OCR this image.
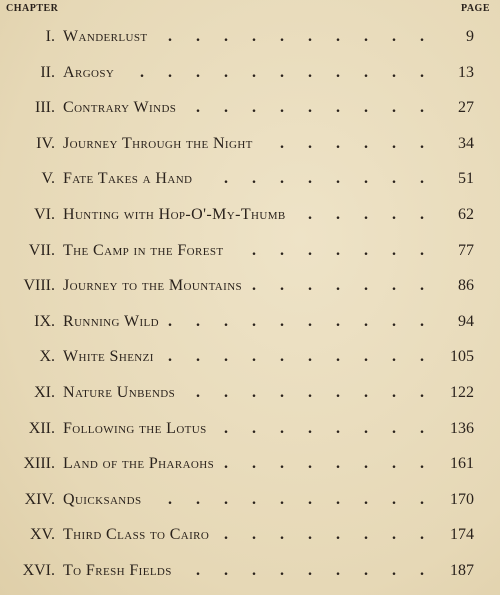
CHAPTER	PAGE
I. Wanderlust .......... 9
II. Argosy ........... 13
III. Contrary Winds ......... 27
IV. Journey Through the Night ...... 34
V. Fate Takes a Hand ........ 51
VI. Hunting with Hop-O'-My-Thumb ..... 62
VII. The Camp in the Forest ....... 77
VIII. Journey to the Mountains ....... 86
IX. Running Wild .......... 94
X. White Shenzi .......... 105
XI. Nature Unbends ......... 122
XII. Following the Lotus ........ 136
XIII. Land of the Pharaohs ........ 161
XIV. Quicksands .......... 170
XV. Third Class to Cairo ........ 174
XVI. To Fresh Fields ......... 187
